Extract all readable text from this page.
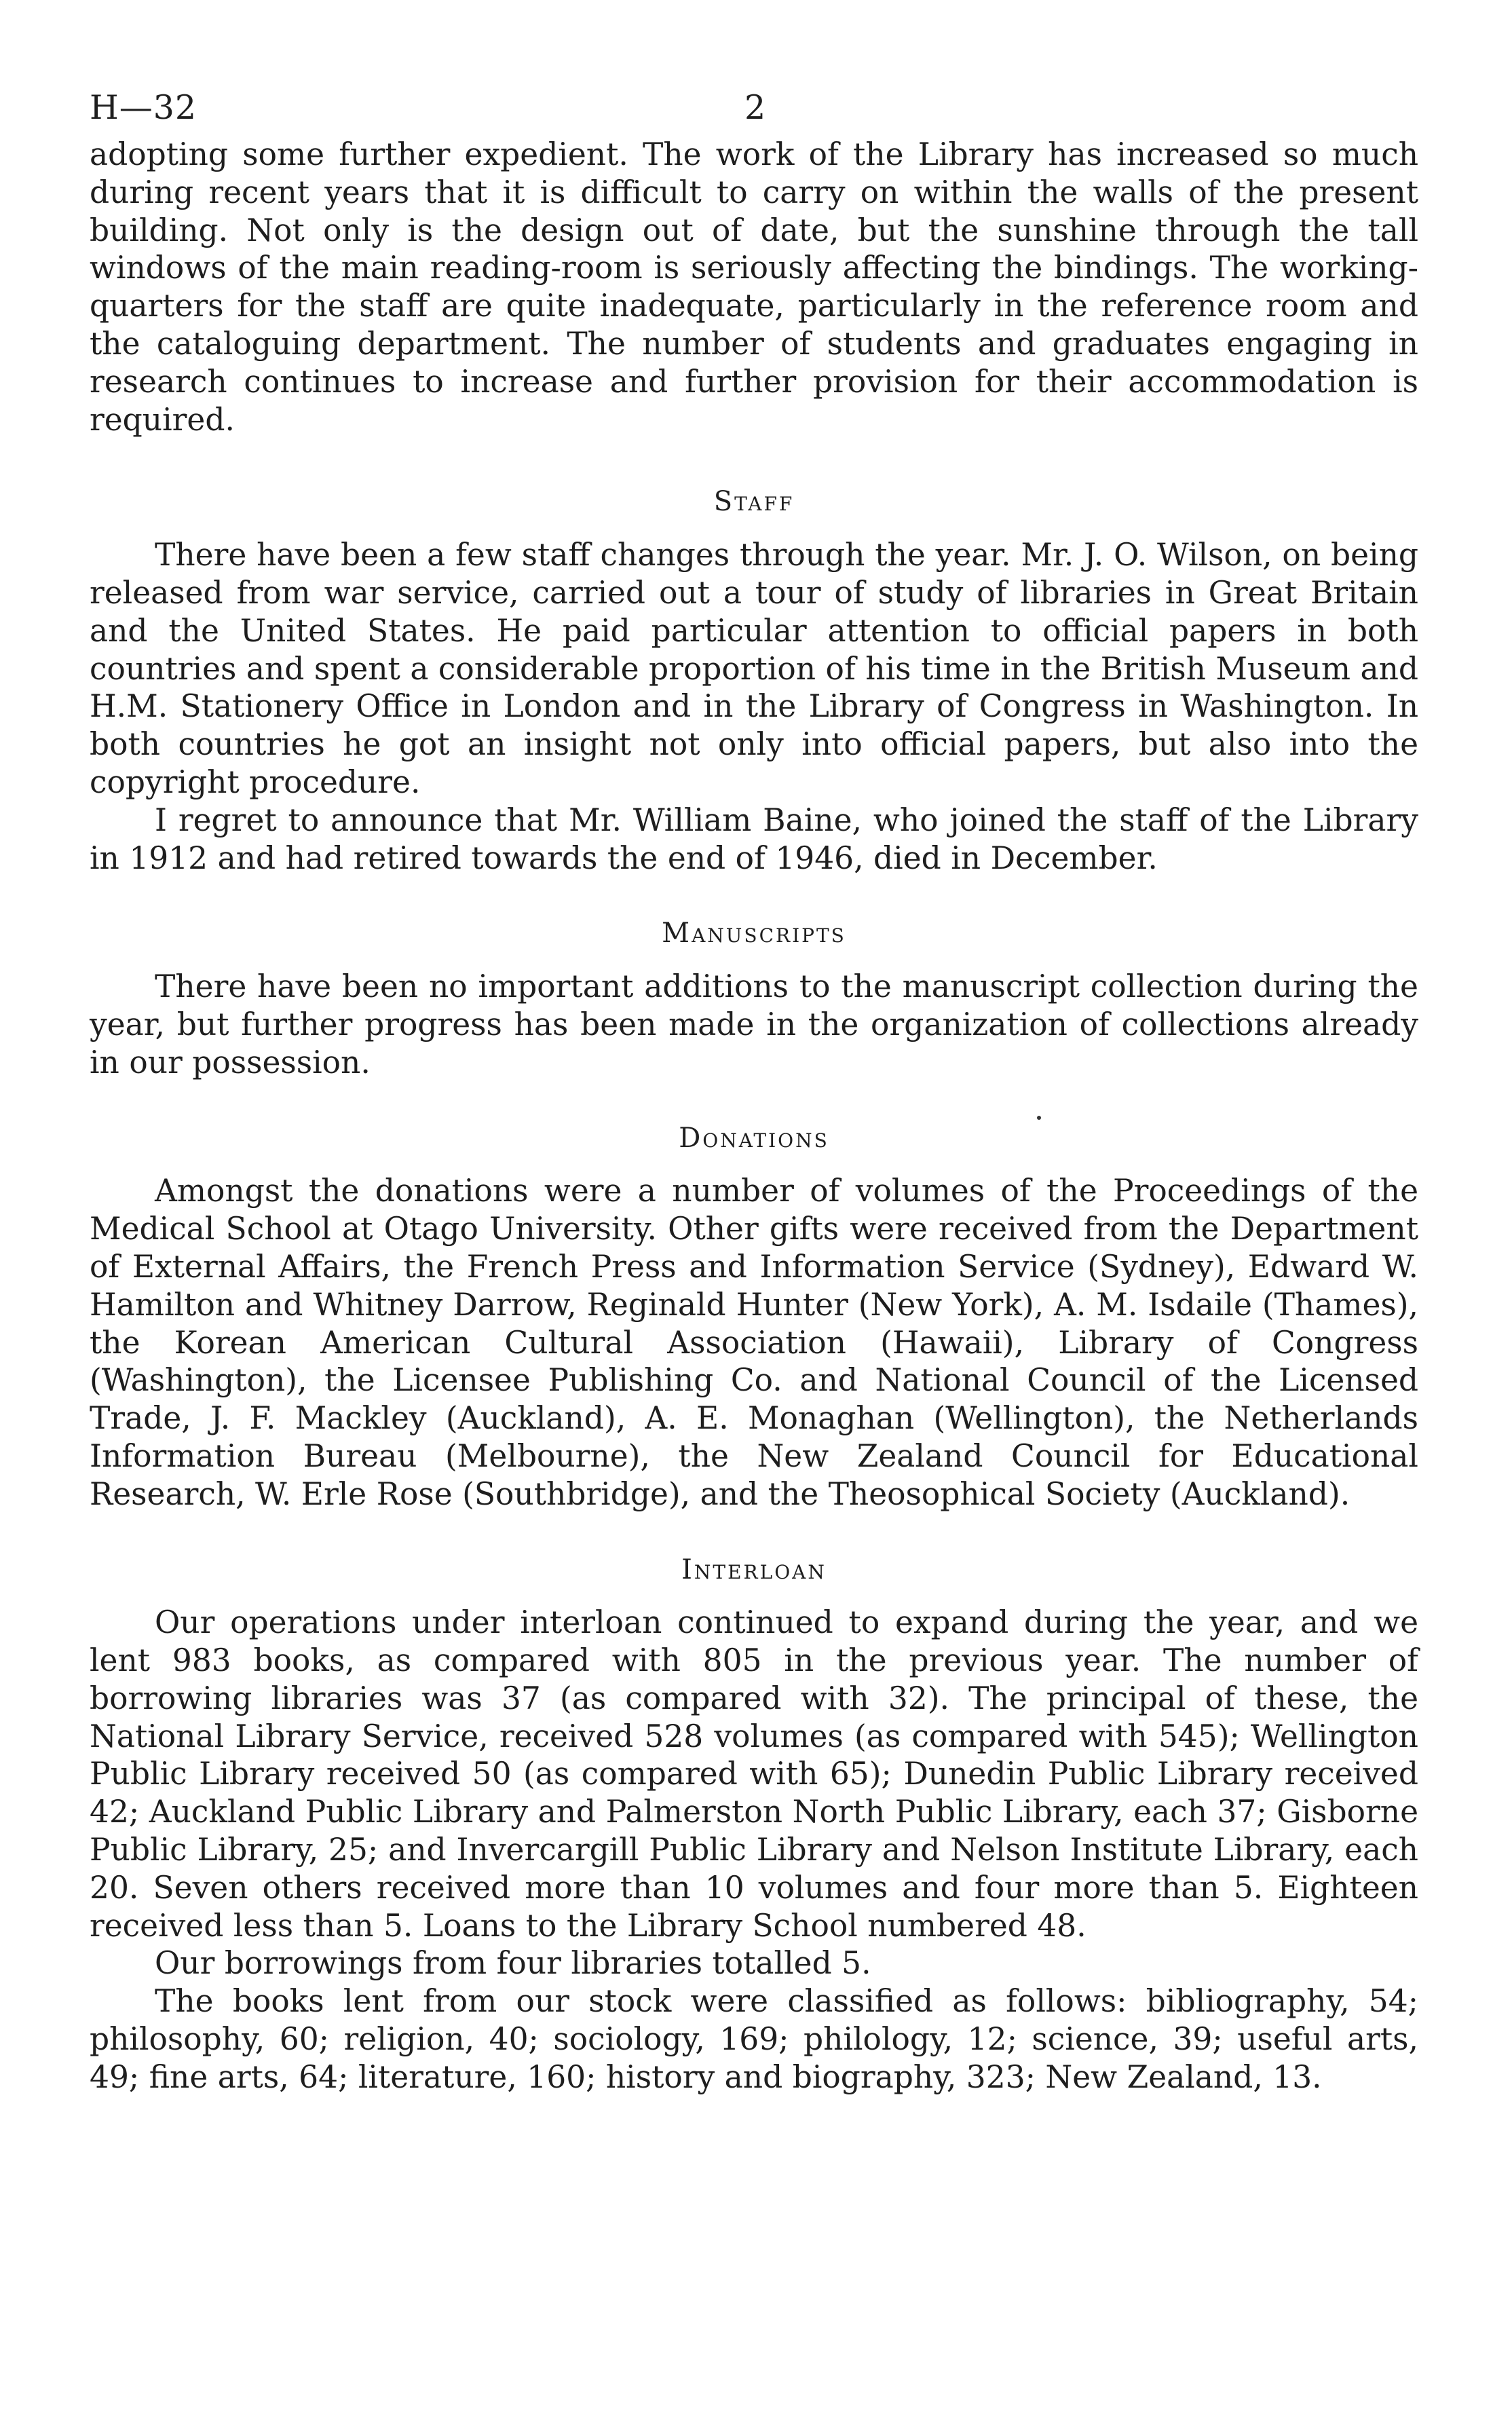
H—32	2

adopting some further expedient. The work of the Library has increased so much during recent years that it is difficult to carry on within the walls of the present building. Not only is the design out of date, but the sunshine through the tall windows of the main reading-room is seriously affecting the bindings. The working-quarters for the staff are quite inadequate, particularly in the reference room and the cataloguing department. The number of students and graduates engaging in research continues to increase and further provision for their accommodation is required.

Staff

There have been a few staff changes through the year. Mr. J. O. Wilson, on being released from war service, carried out a tour of study of libraries in Great Britain and the United States. He paid particular attention to official papers in both countries and spent a considerable proportion of his time in the British Museum and H.M. Stationery Office in London and in the Library of Congress in Washington. In both countries he got an insight not only into official papers, but also into the copyright procedure.

I regret to announce that Mr. William Baine, who joined the staff of the Library in 1912 and had retired towards the end of 1946, died in December.

Manuscripts

There have been no important additions to the manuscript collection during the year, but further progress has been made in the organization of collections already in our possession.

Donations

Amongst the donations were a number of volumes of the Proceedings of the Medical School at Otago University. Other gifts were received from the Department of External Affairs, the French Press and Information Service (Sydney), Edward W. Hamilton and Whitney Darrow, Reginald Hunter (New York), A. M. Isdaile (Thames), the Korean American Cultural Association (Hawaii), Library of Congress (Washington), the Licensee Publishing Co. and National Council of the Licensed Trade, J. F. Mackley (Auckland), A. E. Monaghan (Wellington), the Netherlands Information Bureau (Melbourne), the New Zealand Council for Educational Research, W. Erle Rose (Southbridge), and the Theosophical Society (Auckland).

Interloan

Our operations under interloan continued to expand during the year, and we lent 983 books, as compared with 805 in the previous year. The number of borrowing libraries was 37 (as compared with 32). The principal of these, the National Library Service, received 528 volumes (as compared with 545); Wellington Public Library received 50 (as compared with 65); Dunedin Public Library received 42; Auckland Public Library and Palmerston North Public Library, each 37; Gisborne Public Library, 25; and Invercargill Public Library and Nelson Institute Library, each 20. Seven others received more than 10 volumes and four more than 5. Eighteen received less than 5. Loans to the Library School numbered 48.

Our borrowings from four libraries totalled 5.

The books lent from our stock were classified as follows: bibliography, 54; philosophy, 60; religion, 40; sociology, 169; philology, 12; science, 39; useful arts, 49; fine arts, 64; literature, 160; history and biography, 323; New Zealand, 13.
